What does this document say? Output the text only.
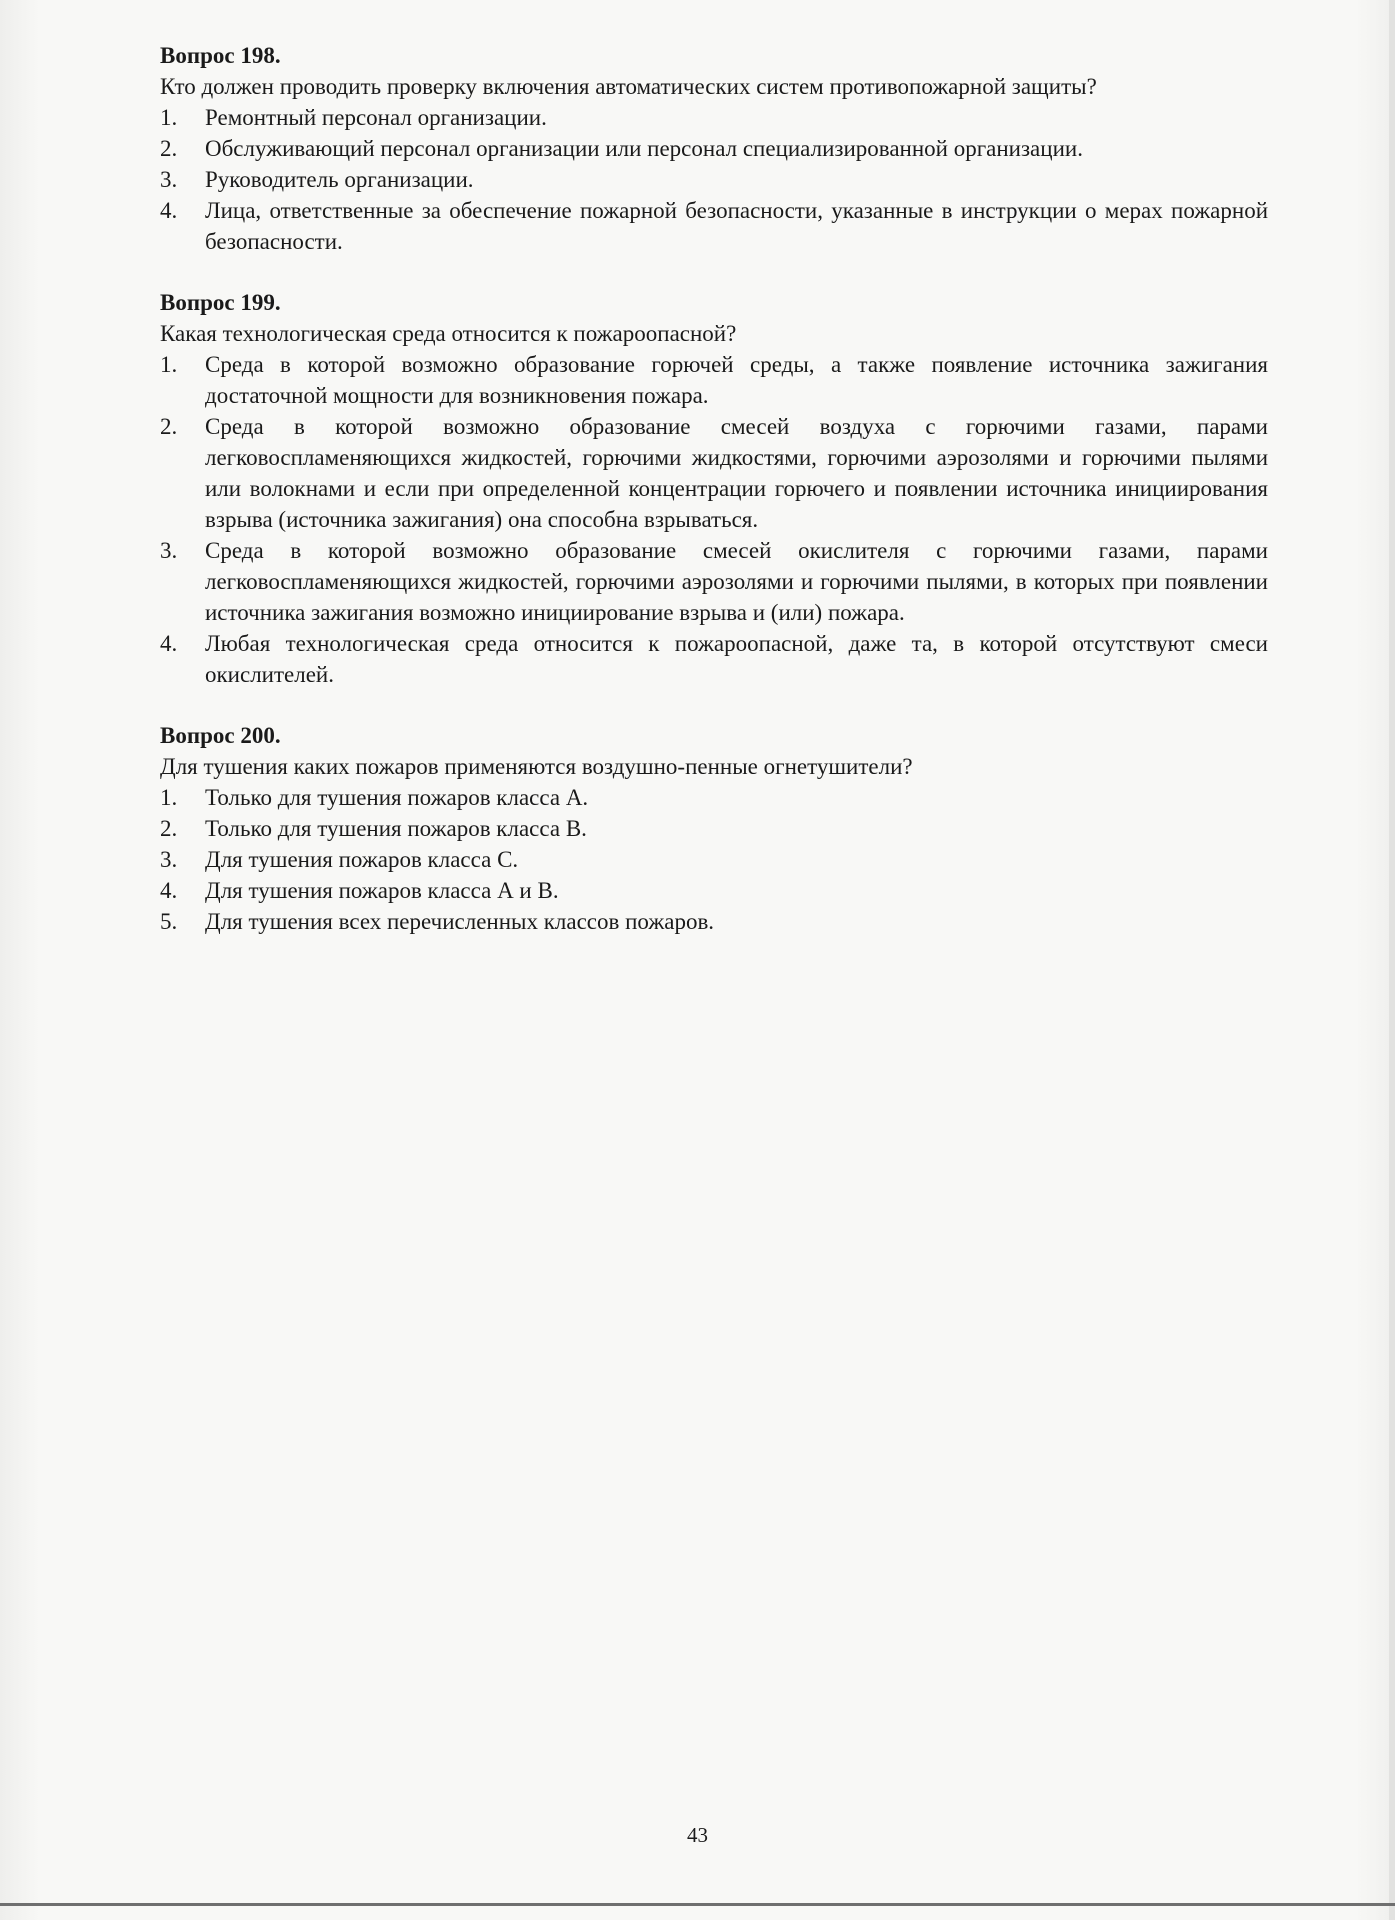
Вопрос 198.

Кто должен проводить проверку включения автоматических систем противопожарной защиты?

1.	Ремонтный персонал организации.
2.	Обслуживающий персонал организации или персонал специализированной организации.
3.	Руководитель организации.
4.	Лица, ответственные за обеспечение пожарной безопасности, указанные в инструкции о мерах пожарной безопасности.

Вопрос 199.

Какая технологическая среда относится к пожароопасной?

1.	Среда в которой возможно образование горючей среды, а также появление источника зажигания достаточной мощности для возникновения пожара.
2.	Среда в которой возможно образование смесей воздуха с горючими газами, парами легковоспламеняющихся жидкостей, горючими жидкостями, горючими аэрозолями и горючими пылями или волокнами и если при определенной концентрации горючего и появлении источника инициирования взрыва (источника зажигания) она способна взрываться.
3.	Среда в которой возможно образование смесей окислителя с горючими газами, парами легковоспламеняющихся жидкостей, горючими аэрозолями и горючими пылями, в которых при появлении источника зажигания возможно инициирование взрыва и (или) пожара.
4.	Любая технологическая среда относится к пожароопасной, даже та, в которой отсутствуют смеси окислителей.

Вопрос 200.

Для тушения каких пожаров применяются воздушно-пенные огнетушители?

1.	Только для тушения пожаров класса А.
2.	Только для тушения пожаров класса В.
3.	Для тушения пожаров класса С.
4.	Для тушения пожаров класса А и В.
5.	Для тушения всех перечисленных классов пожаров.
43
